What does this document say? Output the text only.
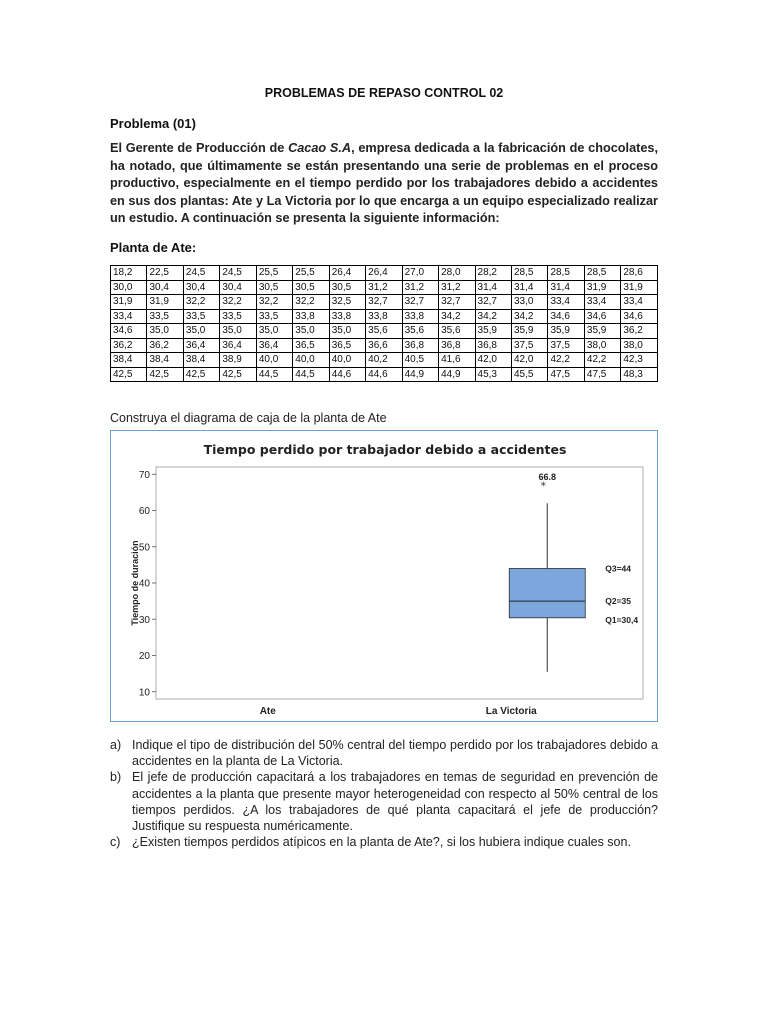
PROBLEMAS DE REPASO CONTROL 02
Problema (01)
El Gerente de Producción de Cacao S.A, empresa dedicada a la fabricación de chocolates, ha notado, que últimamente se están presentando una serie de problemas en el proceso productivo, especialmente en el tiempo perdido por los trabajadores debido a accidentes en sus dos plantas: Ate y La Victoria por lo que encarga a un equipo especializado realizar un estudio. A continuación se presenta la siguiente información:
Planta de Ate:
18,2	22,5	24,5	24,5	25,5	25,5	26,4	26,4	27,0	28,0	28,2	28,5	28,5	28,5	28,6
30,0	30,4	30,4	30,4	30,5	30,5	30,5	31,2	31,2	31,2	31,4	31,4	31,4	31,9	31,9
31,9	31,9	32,2	32,2	32,2	32,2	32,5	32,7	32,7	32,7	32,7	33,0	33,4	33,4	33,4
33,4	33,5	33,5	33,5	33,5	33,8	33,8	33,8	33,8	34,2	34,2	34,2	34,6	34,6	34,6
34,6	35,0	35,0	35,0	35,0	35,0	35,0	35,6	35,6	35,6	35,9	35,9	35,9	35,9	36,2
36,2	36,2	36,4	36,4	36,4	36,5	36,5	36,6	36,8	36,8	36,8	37,5	37,5	38,0	38,0
38,4	38,4	38,4	38,9	40,0	40,0	40,0	40,2	40,5	41,6	42,0	42,0	42,2	42,2	42,3
42,5	42,5	42,5	42,5	44,5	44,5	44,6	44,6	44,9	44,9	45,3	45,5	47,5	47,5	48,3
Construya el diagrama de caja de la planta de Ate
Tiempo perdido por trabajador debido a accidentes
Tiempo de duración
10
20
30
40
50
60
70
Ate	La Victoria
*
66.8
Q3=44
Q2=35
Q1=30,4
a) Indique el tipo de distribución del 50% central del tiempo perdido por los trabajadores debido a accidentes en la planta de La Victoria.
b) El jefe de producción capacitará a los trabajadores en temas de seguridad en prevención de accidentes a la planta que presente mayor heterogeneidad con respecto al 50% central de los tiempos perdidos. ¿A los trabajadores de qué planta capacitará el jefe de producción? Justifique su respuesta numéricamente.
c) ¿Existen tiempos perdidos atípicos en la planta de Ate?, si los hubiera indique cuales son.
